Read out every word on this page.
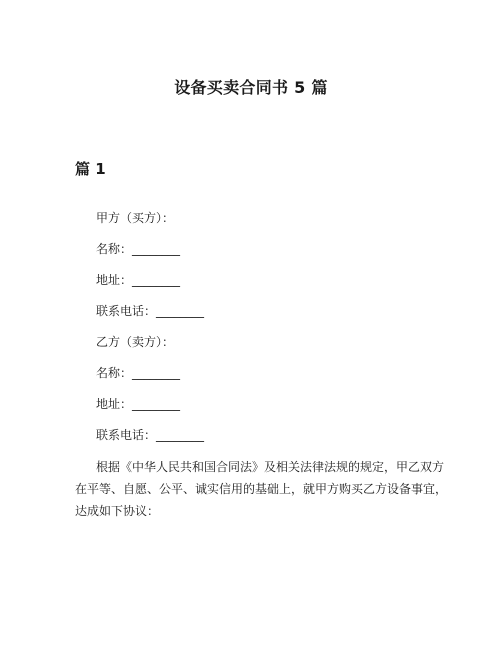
设备买卖合同书 5 篇
篇 1
甲方（买方）：
名称：________
地址：________
联系电话：________
乙方（卖方）：
名称：________
地址：________
联系电话：________
根据《中华人民共和国合同法》及相关法律法规的规定，甲乙双方
在平等、自愿、公平、诚实信用的基础上，就甲方购买乙方设备事宜，
达成如下协议：
